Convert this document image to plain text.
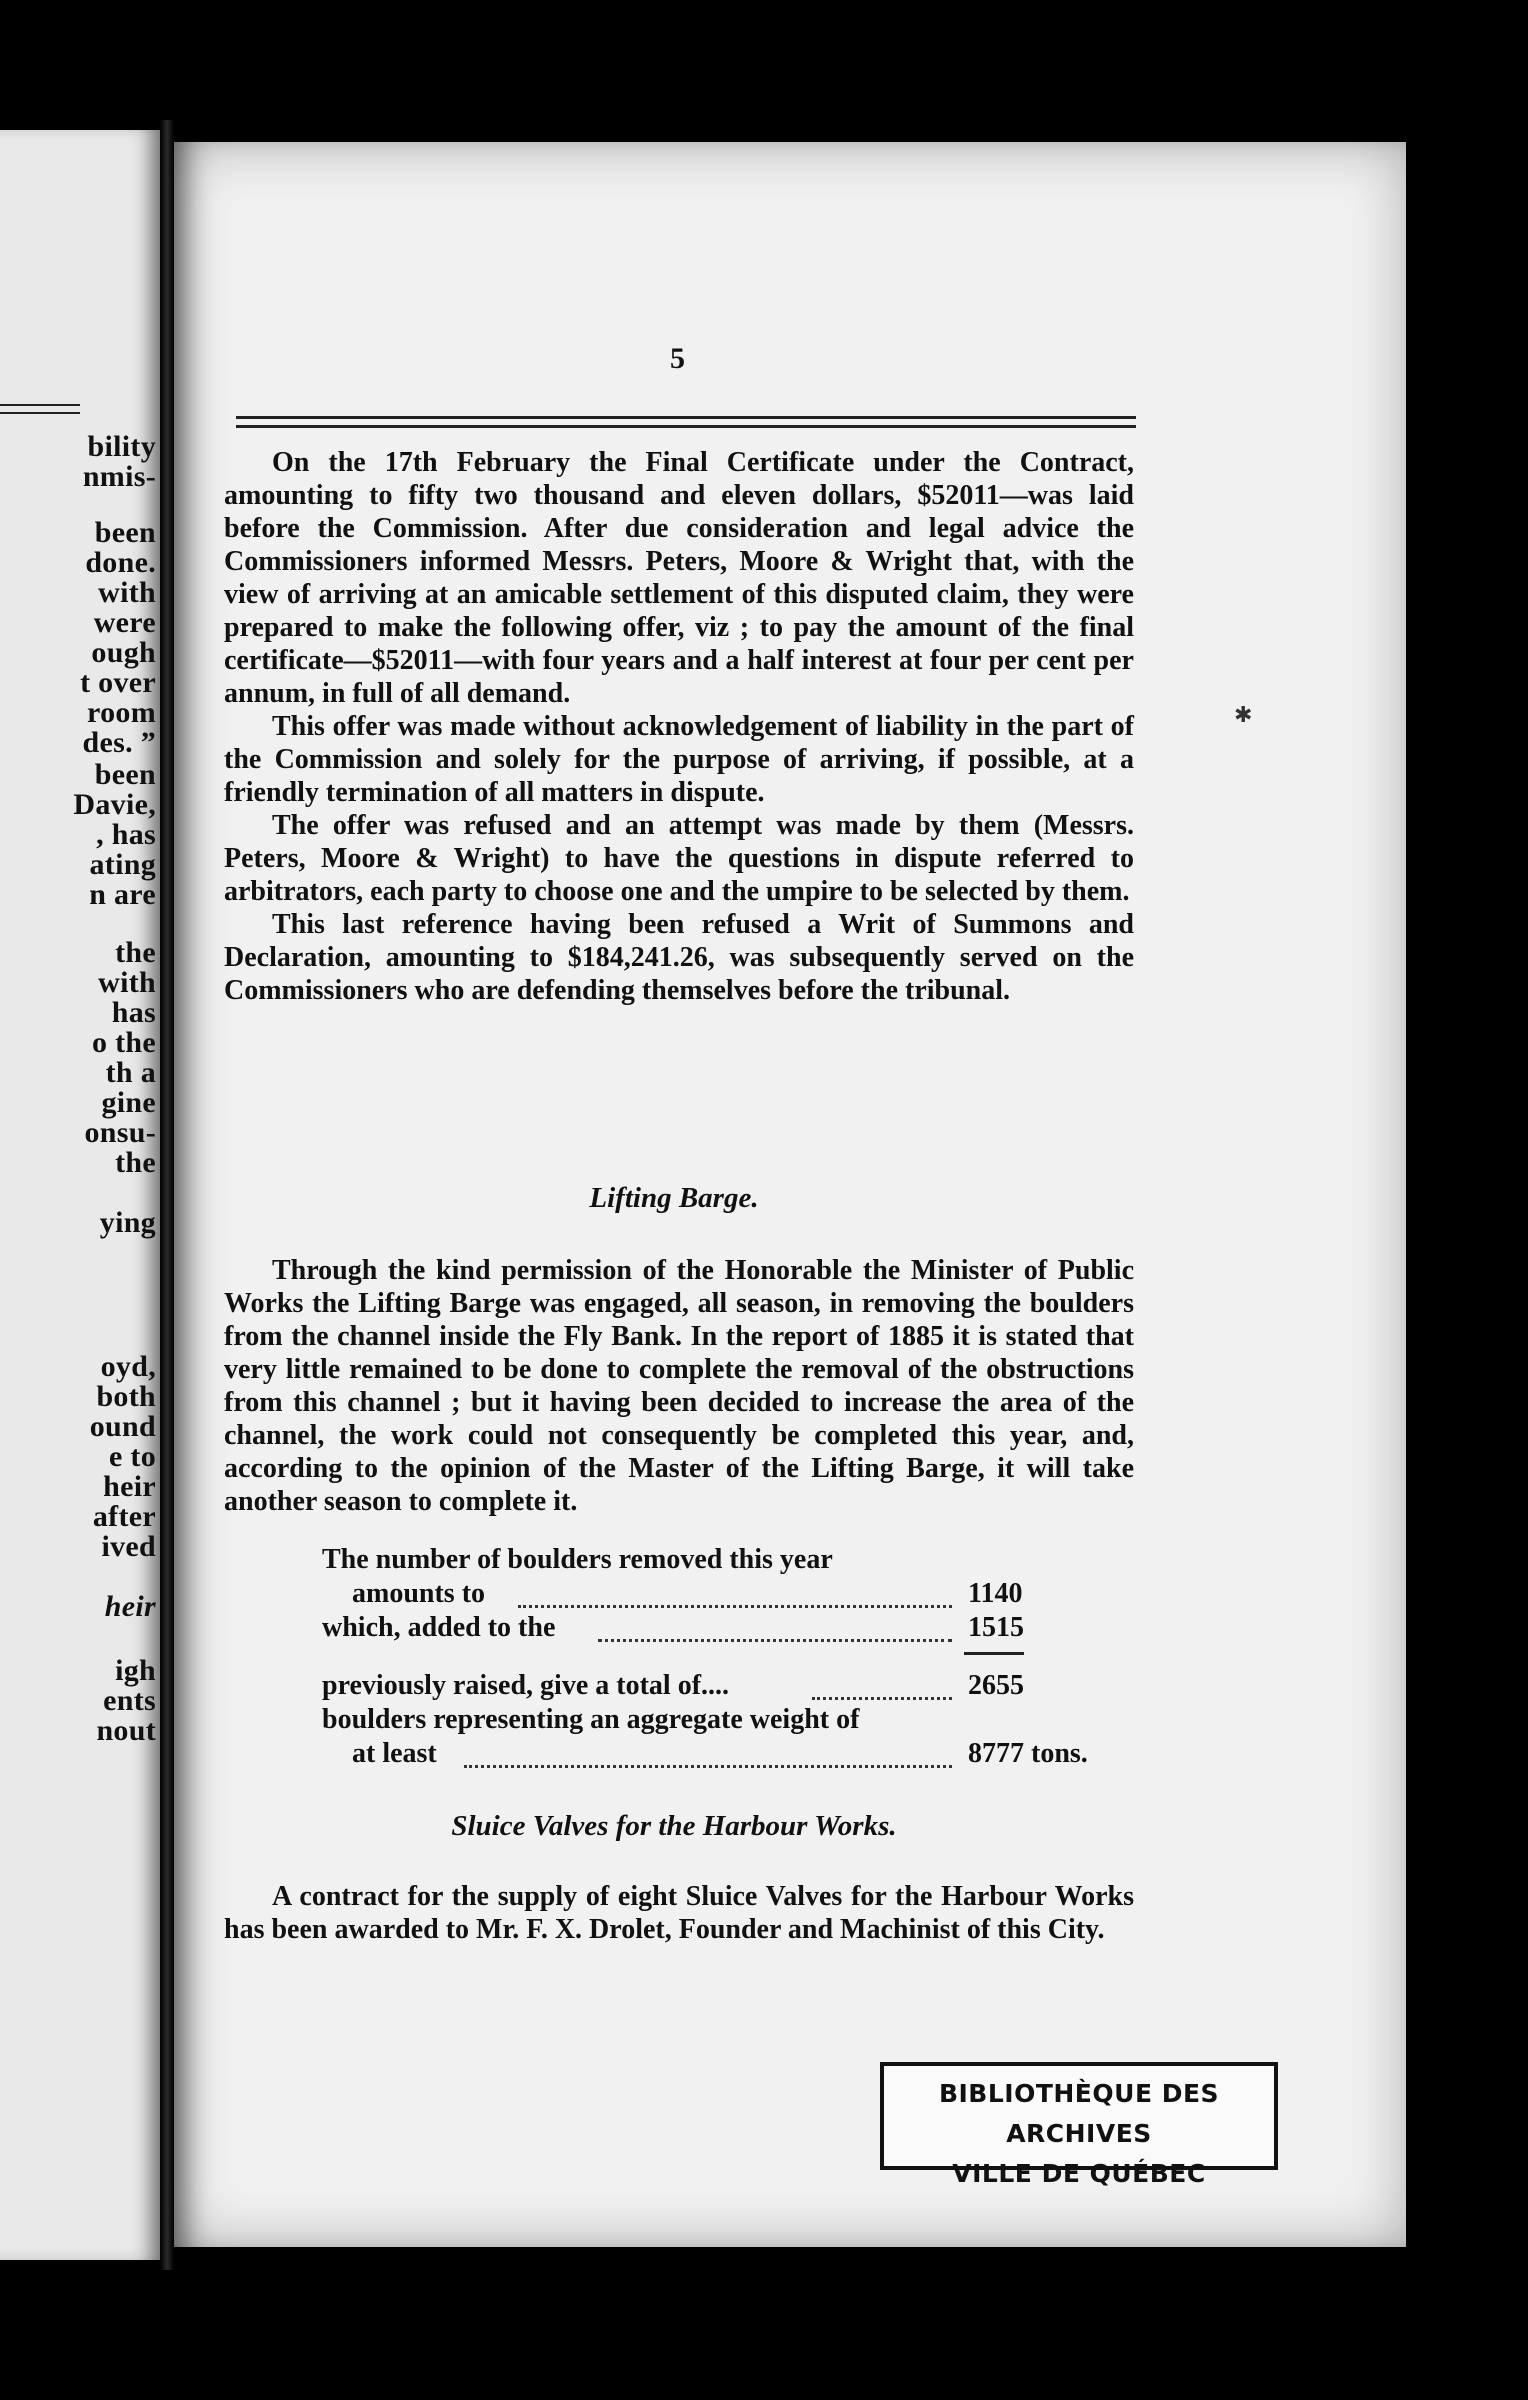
bility
nmis-
been
done.
with
were
ough
t over
room
des. ”
been
Davie,
, has
ating
n are
the
with
has
o the
th a
gine
onsu-
the
ying
oyd,
both
ound
e to
heir
after
ived
heir
igh
ents
nout
5

On the 17th February the Final Certificate under the Contract, amounting to fifty two thousand and eleven dollars, $52011—was laid before the Commission. After due consideration and legal advice the Commissioners informed Messrs. Peters, Moore & Wright that, with the view of arriving at an amicable settlement of this disputed claim, they were prepared to make the following offer, viz ; to pay the amount of the final certificate—$52011—with four years and a half interest at four per cent per annum, in full of all demand.

This offer was made without acknowledgement of liability in the part of the Commission and solely for the purpose of arriving, if possible, at a friendly termination of all matters in dispute.

The offer was refused and an attempt was made by them (Messrs. Peters, Moore & Wright) to have the questions in dispute referred to arbitrators, each party to choose one and the umpire to be selected by them.

This last reference having been refused a Writ of Summons and Declaration, amounting to $184,241.26, was subsequently served on the Commissioners who are defending themselves before the tribunal.

Lifting Barge.

Through the kind permission of the Honorable the Minister of Public Works the Lifting Barge was engaged, all season, in removing the boulders from the channel inside the Fly Bank. In the report of 1885 it is stated that very little remained to be done to complete the removal of the obstructions from this channel ; but it having been decided to increase the area of the channel, the work could not consequently be completed this year, and, according to the opinion of the Master of the Lifting Barge, it will take another season to complete it.

The number of boulders removed this year
amounts to	1140
which, added to the	1515
previously raised, give a total of....	2655
boulders representing an aggregate weight of
at least	8777 tons.
Sluice Valves for the Harbour Works.

A contract for the supply of eight Sluice Valves for the Harbour Works has been awarded to Mr. F. X. Drolet, Founder and Machinist of this City.

BIBLIOTHÈQUE DES ARCHIVES
VILLE DE QUÉBEC
✱
